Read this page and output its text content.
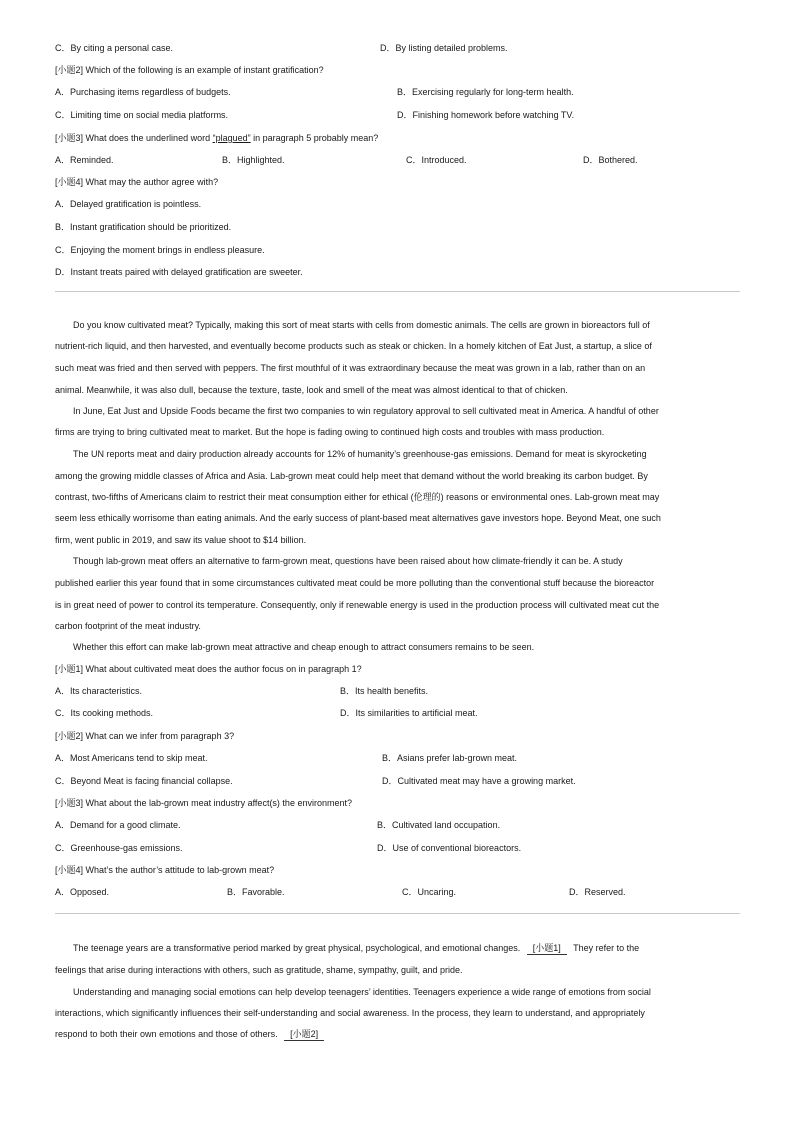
C．By citing a personal case.	D．By listing detailed problems.
[小题2] Which of the following is an example of instant gratification?
A．Purchasing items regardless of budgets.	B．Exercising regularly for long-term health.
C．Limiting time on social media platforms.	D．Finishing homework before watching TV.
[小题3] What does the underlined word “plagued” in paragraph 5 probably mean?
A．Reminded.	B．Highlighted.	C．Introduced.	D．Bothered.
[小题4] What may the author agree with?
A．Delayed gratification is pointless.
B．Instant gratification should be prioritized.
C．Enjoying the moment brings in endless pleasure.
D．Instant treats paired with delayed gratification are sweeter.
Do you know cultivated meat? Typically, making this sort of meat starts with cells from domestic animals. The cells are grown in bioreactors full of
nutrient-rich liquid, and then harvested, and eventually become products such as steak or chicken. In a homely kitchen of Eat Just, a startup, a slice of
such meat was fried and then served with peppers. The first mouthful of it was extraordinary because the meat was grown in a lab, rather than on an
animal. Meanwhile, it was also dull, because the texture, taste, look and smell of the meat was almost identical to that of chicken.
In June, Eat Just and Upside Foods became the first two companies to win regulatory approval to sell cultivated meat in America. A handful of other
firms are trying to bring cultivated meat to market. But the hope is fading owing to continued high costs and troubles with mass production.
The UN reports meat and dairy production already accounts for 12% of humanity’s greenhouse-gas emissions. Demand for meat is skyrocketing
among the growing middle classes of Africa and Asia. Lab-grown meat could help meet that demand without the world breaking its carbon budget. By
contrast, two-fifths of Americans claim to restrict their meat consumption either for ethical (伦理的) reasons or environmental ones. Lab-grown meat may
seem less ethically worrisome than eating animals. And the early success of plant-based meat alternatives gave investors hope. Beyond Meat, one such
firm, went public in 2019, and saw its value shoot to $14 billion.
Though lab-grown meat offers an alternative to farm-grown meat, questions have been raised about how climate-friendly it can be. A study
published earlier this year found that in some circumstances cultivated meat could be more polluting than the conventional stuff because the bioreactor
is in great need of power to control its temperature. Consequently, only if renewable energy is used in the production process will cultivated meat cut the
carbon footprint of the meat industry.
Whether this effort can make lab-grown meat attractive and cheap enough to attract consumers remains to be seen.
[小题1] What about cultivated meat does the author focus on in paragraph 1?
A．Its characteristics.	B．Its health benefits.
C．Its cooking methods.	D．Its similarities to artificial meat.
[小题2] What can we infer from paragraph 3?
A．Most Americans tend to skip meat.	B．Asians prefer lab-grown meat.
C．Beyond Meat is facing financial collapse.	D．Cultivated meat may have a growing market.
[小题3] What about the lab-grown meat industry affect(s) the environment?
A．Demand for a good climate.	B．Cultivated land occupation.
C．Greenhouse-gas emissions.	D．Use of conventional bioreactors.
[小题4] What’s the author’s attitude to lab-grown meat?
A．Opposed.	B．Favorable.	C．Uncaring.	D．Reserved.
The teenage years are a transformative period marked by great physical, psychological, and emotional changes. [小题1] They refer to the
feelings that arise during interactions with others, such as gratitude, shame, sympathy, guilt, and pride.
Understanding and managing social emotions can help develop teenagers’ identities. Teenagers experience a wide range of emotions from social
interactions, which significantly influences their self-understanding and social awareness. In the process, they learn to understand, and appropriately
respond to both their own emotions and those of others. [小题2]
